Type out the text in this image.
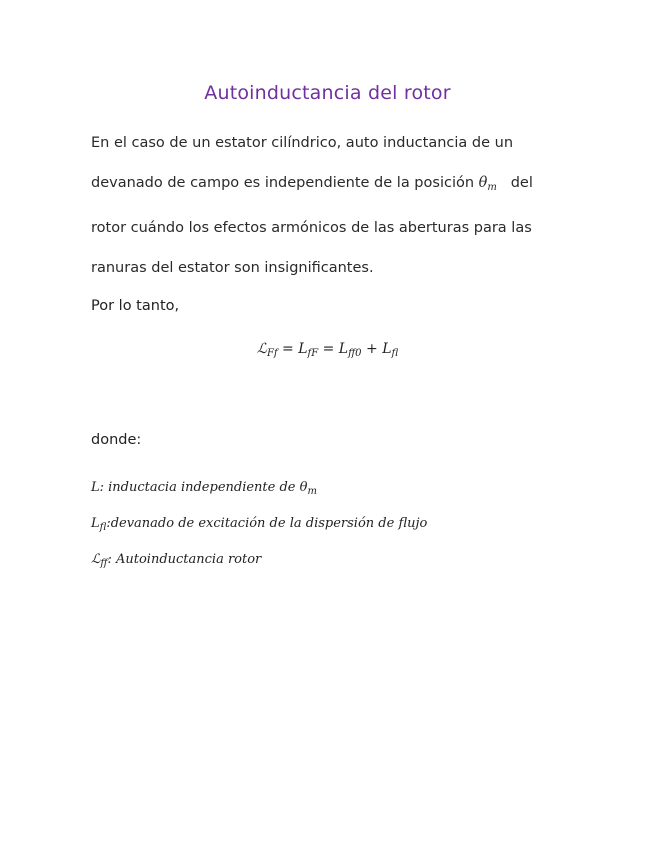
Autoinductancia del rotor
En el caso de un estator cilíndrico, auto inductancia de un
devanado de campo es independiente de la posición $\theta_m$ del
rotor cuándo los efectos armónicos de las aberturas para las
ranuras del estator son insignificantes.
Por lo tanto,
ℒ$_{Ff}$ = $L_{fF} = L_{ff0} + L_{fl}$
donde:
L: inductacia independiente de $\theta_m$
$L_{fl}:devanado$ de excitación de la dispersión de flujo
ℒ$_{ff}$: Autoinductancia rotor
